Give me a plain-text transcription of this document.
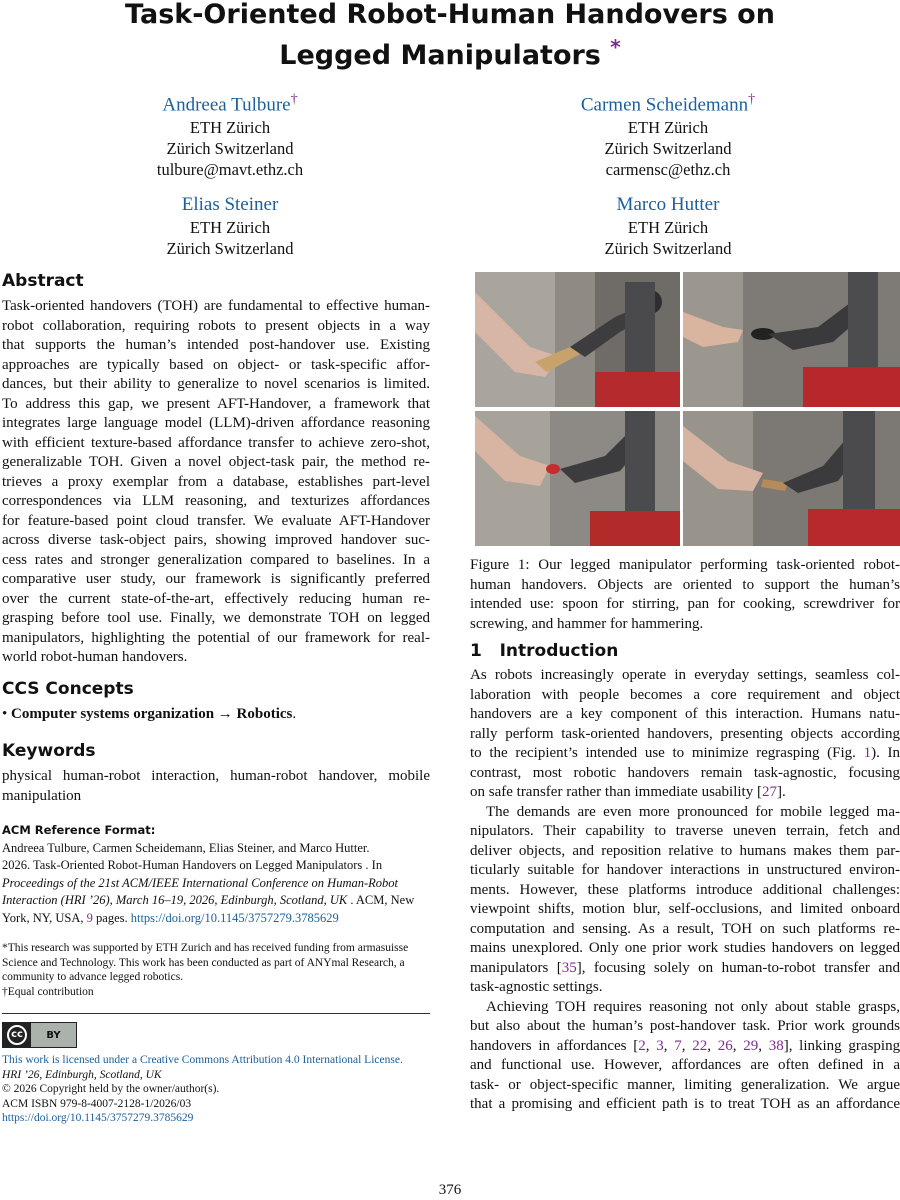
Task-Oriented Robot-Human Handovers on
Legged Manipulators *
Andreea Tulbure†
ETH Zürich
Zürich Switzerland
tulbure@mavt.ethz.ch
Carmen Scheidemann†
ETH Zürich
Zürich Switzerland
carmensc@ethz.ch
Elias Steiner
ETH Zürich
Zürich Switzerland
Marco Hutter
ETH Zürich
Zürich Switzerland
Abstract
Task-oriented handovers (TOH) are fundamental to effective human-
robot collaboration, requiring robots to present objects in a way
that supports the human’s intended post-handover use. Existing
approaches are typically based on object- or task-specific affor-
dances, but their ability to generalize to novel scenarios is limited.
To address this gap, we present AFT-Handover, a framework that
integrates large language model (LLM)-driven affordance reasoning
with efficient texture-based affordance transfer to achieve zero-shot,
generalizable TOH. Given a novel object-task pair, the method re-
trieves a proxy exemplar from a database, establishes part-level
correspondences via LLM reasoning, and texturizes affordances
for feature-based point cloud transfer. We evaluate AFT-Handover
across diverse task-object pairs, showing improved handover suc-
cess rates and stronger generalization compared to baselines. In a
comparative user study, our framework is significantly preferred
over the current state-of-the-art, effectively reducing human re-
grasping before tool use. Finally, we demonstrate TOH on legged
manipulators, highlighting the potential of our framework for real-
world robot-human handovers.
CCS Concepts
• Computer systems organization → Robotics.
Keywords
physical human-robot interaction, human-robot handover, mobile
manipulation
ACM Reference Format:
Andreea Tulbure, Carmen Scheidemann, Elias Steiner, and Marco Hutter.
2026. Task-Oriented Robot-Human Handovers on Legged Manipulators . In
Proceedings of the 21st ACM/IEEE International Conference on Human-Robot
Interaction (HRI ’26), March 16–19, 2026, Edinburgh, Scotland, UK . ACM, New
York, NY, USA, 9 pages. https://doi.org/10.1145/3757279.3785629
*This research was supported by ETH Zurich and has received funding from armasuisse
Science and Technology. This work has been conducted as part of ANYmal Research, a
community to advance legged robotics.
†Equal contribution
cc	BY
This work is licensed under a Creative Commons Attribution 4.0 International License.
HRI ’26, Edinburgh, Scotland, UK
© 2026 Copyright held by the owner/author(s).
ACM ISBN 979-8-4007-2128-1/2026/03
https://doi.org/10.1145/3757279.3785629
Figure 1: Our legged manipulator performing task-oriented robot-
human handovers. Objects are oriented to support the human’s
intended use: spoon for stirring, pan for cooking, screwdriver for
screwing, and hammer for hammering.
1 Introduction
As robots increasingly operate in everyday settings, seamless col-
laboration with people becomes a core requirement and object
handovers are a key component of this interaction. Humans natu-
rally perform task-oriented handovers, presenting objects according
to the recipient’s intended use to minimize regrasping (Fig. 1). In
contrast, most robotic handovers remain task-agnostic, focusing
on safe transfer rather than immediate usability [27].
The demands are even more pronounced for mobile legged ma-
nipulators. Their capability to traverse uneven terrain, fetch and
deliver objects, and reposition relative to humans makes them par-
ticularly suitable for handover interactions in unstructured environ-
ments. However, these platforms introduce additional challenges:
viewpoint shifts, motion blur, self-occlusions, and limited onboard
computation and sensing. As a result, TOH on such platforms re-
mains unexplored. Only one prior work studies handovers on legged
manipulators [35], focusing solely on human-to-robot transfer and
task-agnostic settings.
Achieving TOH requires reasoning not only about stable grasps,
but also about the human’s post-handover task. Prior work grounds
handovers in affordances [2, 3, 7, 22, 26, 29, 38], linking grasping
and functional use. However, affordances are often defined in a
task- or object-specific manner, limiting generalization. We argue
that a promising and efficient path is to treat TOH as an affordance
376
